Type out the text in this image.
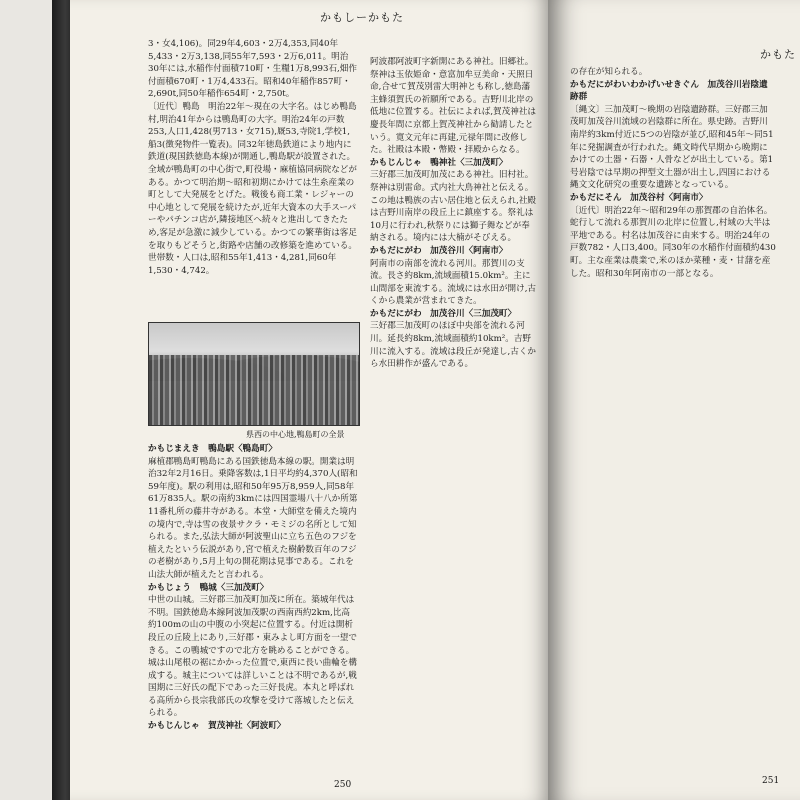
かもしーかもた

3・女4,106)。同29年4,603・2万4,353,同40年5,433・2万3,138,同55年7,593・2万6,011。明治30年には,水稲作付面積710町・生糧1万8,993石,畑作付面積670町・1万4,433石。昭和40年稲作857町・2,690t,同50年稲作654町・2,750t。

〔近代〕鴨島　明治22年〜現在の大字名。はじめ鴨島村,明治41年からは鴨島町の大字。明治24年の戸数253,人口1,428(男713・女715),厩53,寺院1,学校1,船3(徴発物件一覧表)。同32年徳島鉄道により地内に鉄道(現国鉄徳島本線)が開通し,鴨島駅が設置された。全域が鴨島町の中心街で,町役場・麻植協同病院などがある。かつて明治期〜昭和初期にかけては生糸産業の町として大発展をとげた。戦後も商工業・レジャーの中心地として発展を続けたが,近年大資本の大手スーパーやパチンコ店が,隣接地区へ続々と進出してきたため,客足が急激に減少している。かつての繁華街は客足を取りもどそうと,街路や店舗の改修築を進めている。世帯数・人口は,昭和55年1,413・4,281,同60年1,530・4,742。

県西の中心地,鴨島町の全景

かもじまえき　鴨島駅〈鴨島町〉

麻植郡鴨島町鴨島にある国鉄徳島本線の駅。開業は明治32年2月16日。乗降客数は,1日平均約4,370人(昭和59年度)。駅の利用は,昭和50年95万8,959人,同58年61万835人。駅の南約3kmには四国霊場八十八か所第11番札所の藤井寺がある。本堂・大師堂を備えた境内の境内で,寺は雪の夜景サクラ・モミジの名所として知られる。また,弘法大師が阿波聖山に立ち五色のフジを植えたという伝説があり,宮で植えた樹齢数百年のフジの老樹があり,5月上旬の開花期は見事である。これを山法大師が植えたと言われる。

かもじょう　鴨城〈三加茂町〉

中世の山城。三好郡三加茂町加茂に所在。築城年代は不明。国鉄徳島本線阿波加茂駅の西南西約2km,比高約100mの山の中腹の小突起に位置する。付近は開析段丘の丘陵上にあり,三好郡・東みよし町方面を一望できる。この鴨城ですので北方を眺めることができる。城は山尾根の裾にかかった位置で,東西に長い曲輪を構成する。城主については詳しいことは不明であるが,戦国期に三好氏の配下であった三好長虎。本丸と呼ばれる高所から長宗我部氏の攻撃を受けて落城したと伝えられる。

かもじんじゃ　賀茂神社〈阿波町〉

阿波郡阿波町字新開にある神社。旧郷社。祭神は玉依姫命・意富加牟豆美命・天照日命,合せて賀茂別雷大明神とも称し,徳島藩主蜂須賀氏の祈願所である。吉野川北岸の低地に位置する。社伝によれば,賀茂神社は慶長年間に京都上賀茂神社から勧請したという。寛文元年に再建,元禄年間に改修した。社殿は本殿・幣殿・拝殿からなる。

かもじんじゃ　鴨神社〈三加茂町〉

三好郡三加茂町加茂にある神社。旧村社。祭神は別雷命。式内社大鳥神社と伝える。この地は鴨族の古い居住地と伝えられ,社殿は吉野川南岸の段丘上に鎮座する。祭礼は10月に行われ,秋祭りには獅子舞などが奉納される。境内には大楠がそびえる。

かもだにがわ　加茂谷川〈阿南市〉

阿南市の南部を流れる河川。那賀川の支流。長さ約8km,流域面積15.0km²。主に山間部を東流する。流域には水田が開け,古くから農業が営まれてきた。

かもだにがわ　加茂谷川〈三加茂町〉

三好郡三加茂町のほぼ中央部を流れる河川。延長約8km,流域面積約10km²。吉野川に流入する。流域は段丘が発達し,古くから水田耕作が盛んである。

250
かもた

の存在が知られる。

かもだにがわいわかげいせきぐん　加茂谷川岩陰遺跡群

〔縄文〕三加茂町〜晩期の岩陰遺跡群。三好郡三加茂町加茂谷川流域の岩陰群に所在。県史跡。吉野川南岸約3km付近に5つの岩陰が並び,昭和45年〜同51年に発掘調査が行われた。縄文時代早期から晩期にかけての土器・石器・人骨などが出土している。第1号岩陰では早期の押型文土器が出土し,四国における縄文文化研究の重要な遺跡となっている。

かもだにそん　加茂谷村〈阿南市〉

〔近代〕明治22年〜昭和29年の那賀郡の自治体名。蛇行して流れる那賀川の北岸に位置し,村域の大半は平地である。村名は加茂谷に由来する。明治24年の戸数782・人口3,400。同30年の水稲作付面積約430町。主な産業は農業で,米のほか菜種・麦・甘藷を産した。昭和30年阿南市の一部となる。

251
